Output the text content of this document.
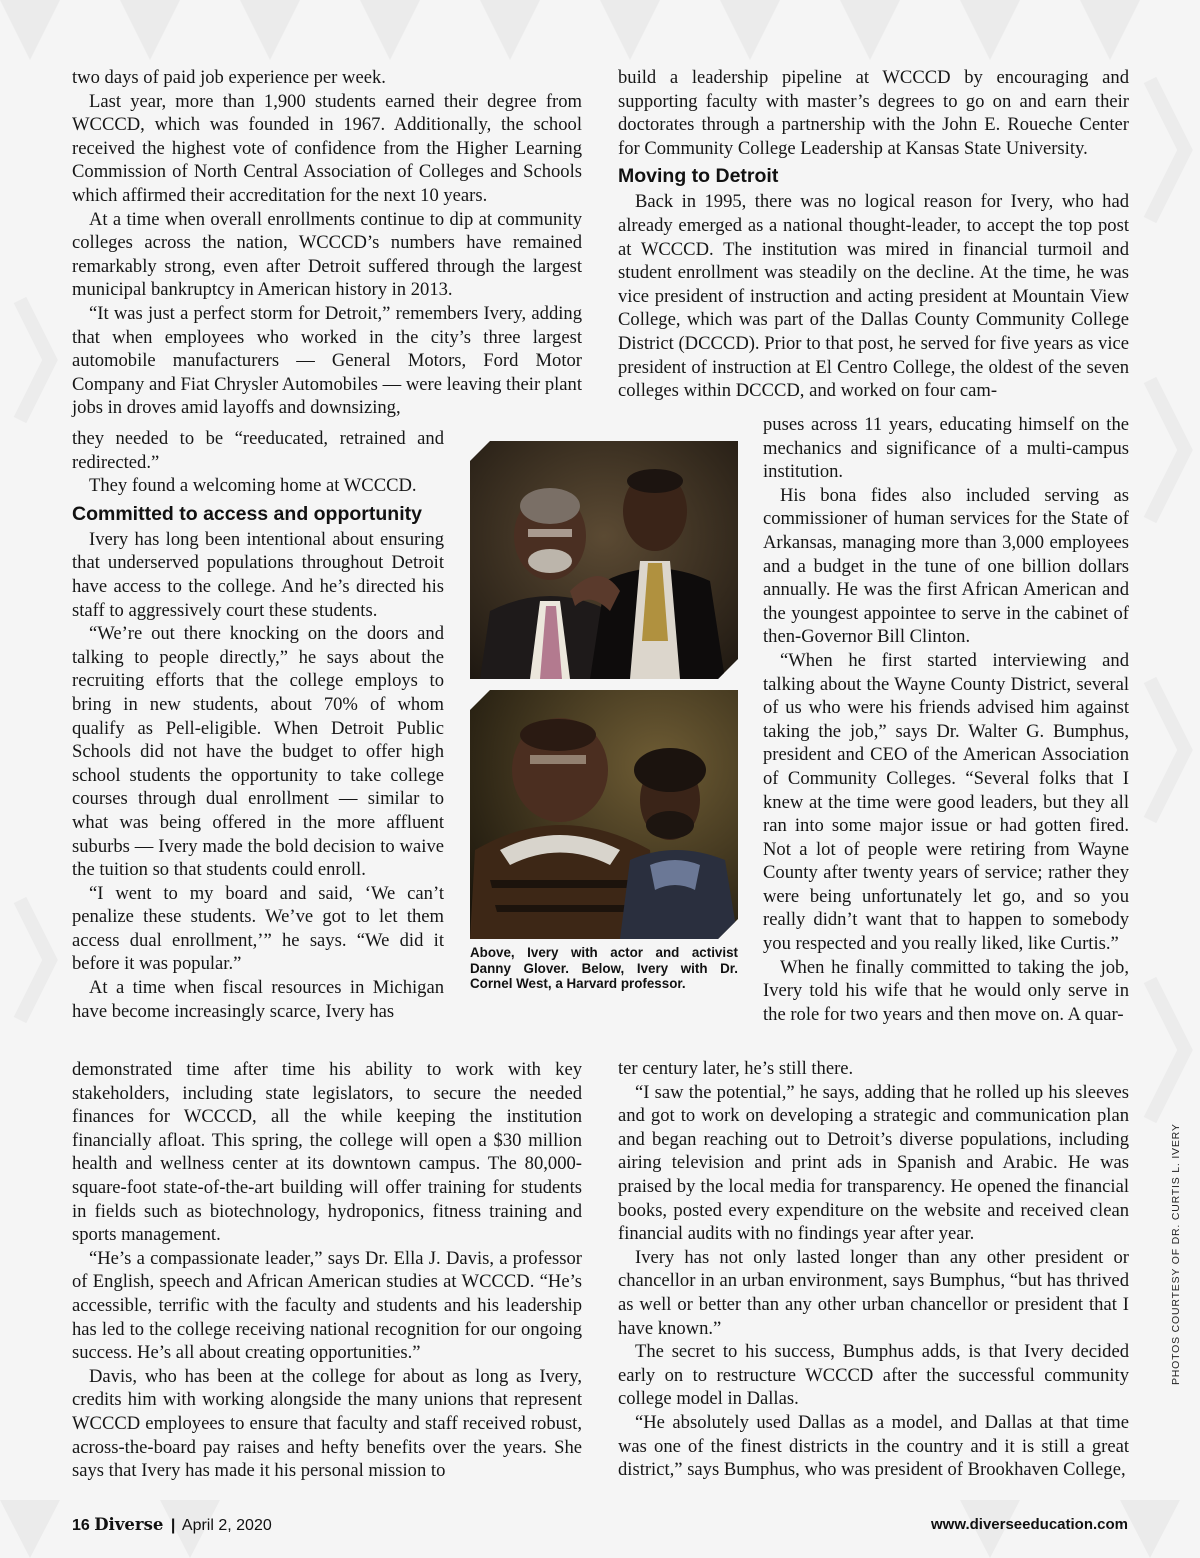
two days of paid job experience per week.

Last year, more than 1,900 students earned their degree from WCCCD, which was founded in 1967. Additionally, the school received the highest vote of confidence from the Higher Learning Commission of North Central Association of Colleges and Schools which affirmed their accreditation for the next 10 years.

At a time when overall enrollments continue to dip at community colleges across the nation, WCCCD’s numbers have remained remarkably strong, even after Detroit suffered through the largest municipal bankruptcy in American history in 2013.

“It was just a perfect storm for Detroit,” remembers Ivery, adding that when employees who worked in the city’s three largest automobile manufacturers — General Motors, Ford Motor Company and Fiat Chrysler Automobiles — were leaving their plant jobs in droves amid layoffs and downsizing,

they needed to be “reeducated, retrained and redirected.”

They found a welcoming home at WCCCD.

Committed to access and opportunity

Ivery has long been intentional about ensuring that underserved populations throughout Detroit have access to the college. And he’s directed his staff to aggressively court these students.

“We’re out there knocking on the doors and talking to people directly,” he says about the recruiting efforts that the college employs to bring in new students, about 70% of whom qualify as Pell-eligible. When Detroit Public Schools did not have the budget to offer high school students the opportunity to take college courses through dual enrollment — similar to what was being offered in the more affluent suburbs — Ivery made the bold decision to waive the tuition so that students could enroll.

“I went to my board and said, ‘We can’t penalize these students. We’ve got to let them access dual enrollment,’” he says. “We did it before it was popular.”

At a time when fiscal resources in Michigan have become increasingly scarce, Ivery has

demonstrated time after time his ability to work with key stakeholders, including state legislators, to secure the needed finances for WCCCD, all the while keeping the institution financially afloat. This spring, the college will open a $30 million health and wellness center at its downtown campus. The 80,000-square-foot state-of-the-art building will offer training for students in fields such as biotechnology, hydroponics, fitness training and sports management.

“He’s a compassionate leader,” says Dr. Ella J. Davis, a professor of English, speech and African American studies at WCCCD. “He’s accessible, terrific with the faculty and students and his leadership has led to the college receiving national recognition for our ongoing success. He’s all about creating opportunities.”

Davis, who has been at the college for about as long as Ivery, credits him with working alongside the many unions that represent WCCCD employees to ensure that faculty and staff received robust, across-the-board pay raises and hefty benefits over the years. She says that Ivery has made it his personal mission to

build a leadership pipeline at WCCCD by encouraging and supporting faculty with master’s degrees to go on and earn their doctorates through a partnership with the John E. Roueche Center for Community College Leadership at Kansas State University.

Moving to Detroit

Back in 1995, there was no logical reason for Ivery, who had already emerged as a national thought-leader, to accept the top post at WCCCD. The institution was mired in financial turmoil and student enrollment was steadily on the decline. At the time, he was vice president of instruction and acting president at Mountain View College, which was part of the Dallas County Community College District (DCCCD). Prior to that post, he served for five years as vice president of instruction at El Centro College, the oldest of the seven colleges within DCCCD, and worked on four cam-

puses across 11 years, educating himself on the mechanics and significance of a multi-campus institution.

His bona fides also included serving as commissioner of human services for the State of Arkansas, managing more than 3,000 employees and a budget in the tune of one billion dollars annually. He was the first African American and the youngest appointee to serve in the cabinet of then-Governor Bill Clinton.

“When he first started interviewing and talking about the Wayne County District, several of us who were his friends advised him against taking the job,” says Dr. Walter G. Bumphus, president and CEO of the American Association of Community Colleges. “Several folks that I knew at the time were good leaders, but they all ran into some major issue or had gotten fired. Not a lot of people were retiring from Wayne County after twenty years of service; rather they were being unfortunately let go, and so you really didn’t want that to happen to somebody you respected and you really liked, like Curtis.”

When he finally committed to taking the job, Ivery told his wife that he would only serve in the role for two years and then move on. A quar-

ter century later, he’s still there.

“I saw the potential,” he says, adding that he rolled up his sleeves and got to work on developing a strategic and communication plan and began reaching out to Detroit’s diverse populations, including airing television and print ads in Spanish and Arabic. He was praised by the local media for transparency. He opened the financial books, posted every expenditure on the website and received clean financial audits with no findings year after year.

Ivery has not only lasted longer than any other president or chancellor in an urban environment, says Bumphus, “but has thrived as well or better than any other urban chancellor or president that I have known.”

The secret to his success, Bumphus adds, is that Ivery decided early on to restructure WCCCD after the successful community college model in Dallas.

“He absolutely used Dallas as a model, and Dallas at that time was one of the finest districts in the country and it is still a great district,” says Bumphus, who was president of Brookhaven College,

Above, Ivery with actor and activist Danny Glover. Below, Ivery with Dr. Cornel West, a Harvard professor.
PHOTOS COURTESY OF DR. CURTIS L. IVERY
16 Diverse | April 2, 2020	www.diverseeducation.com
